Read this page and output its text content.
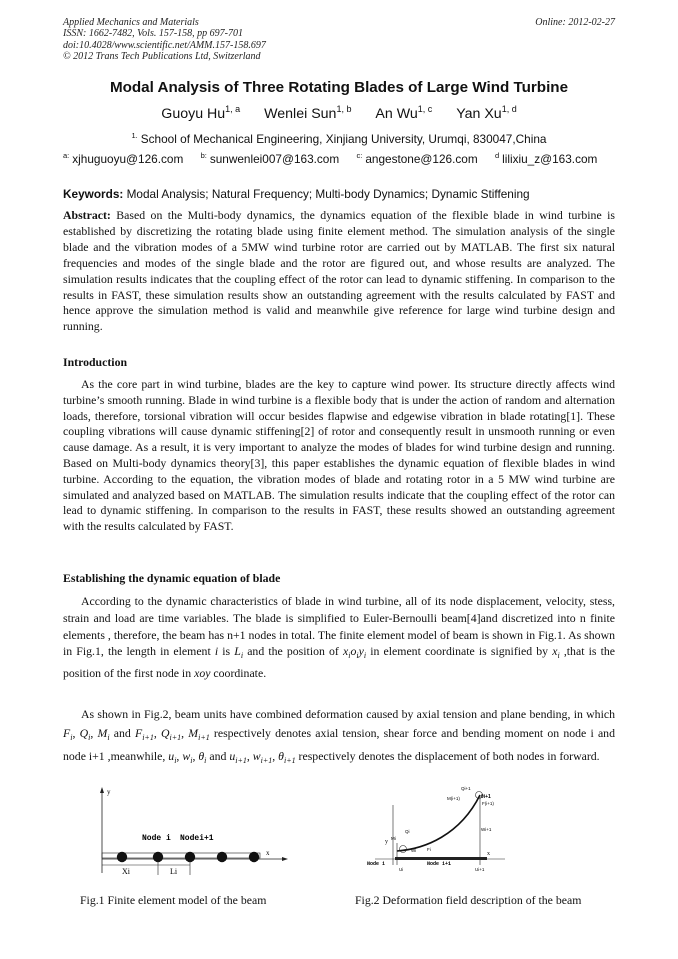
Applied Mechanics and Materials
ISSN: 1662-7482, Vols. 157-158, pp 697-701
doi:10.4028/www.scientific.net/AMM.157-158.697
© 2012 Trans Tech Publications Ltd, Switzerland
Online: 2012-02-27
Modal Analysis of Three Rotating Blades of Large Wind Turbine
Guoyu Hu$^{1, a}$ Wenlei Sun$^{1, b}$ An Wu$^{1, c}$ Yan Xu$^{1, d}$
$^{1.}$ School of Mechanical Engineering, Xinjiang University, Urumqi, 830047,China
$^{a:}$ xjhuguoyu@126.com $^{b:}$ sunwenlei007@163.com $^{c:}$ angestone@126.com $^d$ lilixiu_z@163.com
Keywords: Modal Analysis; Natural Frequency; Multi-body Dynamics; Dynamic Stiffening
Abstract: Based on the Multi-body dynamics, the dynamics equation of the flexible blade in wind turbine is established by discretizing the rotating blade using finite element method. The simulation analysis of the single blade and the vibration modes of a 5MW wind turbine rotor are carried out by MATLAB. The first six natural frequencies and modes of the single blade and the rotor are figured out, and whose results are analyzed. The simulation results indicates that the coupling effect of the rotor can lead to dynamic stiffening. In comparison to the results in FAST, these simulation results show an outstanding agreement with the results calculated by FAST and hence approve the simulation method is valid and meanwhile give reference for large wind turbine design and running.
Introduction
As the core part in wind turbine, blades are the key to capture wind power. Its structure directly affects wind turbine’s smooth running. Blade in wind turbine is a flexible body that is under the action of random and alternation loads, therefore, torsional vibration will occur besides flapwise and edgewise vibration in blade rotating[1]. These coupling vibrations will cause dynamic stiffening[2] of rotor and consequently result in unsmooth running or even cause damage. As a result, it is very important to analyze the modes of blades for wind turbine design and running. Based on Multi-body dynamics theory[3], this paper establishes the dynamic equation of flexible blades in wind turbine. According to the equation, the vibration modes of blade and rotating rotor in a 5 MW wind turbine are simulated and analyzed based on MATLAB. The simulation results indicate that the coupling effect of the rotor can lead to dynamic stiffening. In comparison to the results in FAST, these results showed an outstanding agreement with the results calculated by FAST.
Establishing the dynamic equation of blade
According to the dynamic characteristics of blade in wind turbine, all of its node displacement, velocity, stess, strain and load are time variables. The blade is simplified to Euler-Bernoulli beam[4]and discretized into n finite elements , therefore, the beam has n+1 nodes in total. The finite element model of beam is shown in Fig.1. As shown in Fig.1, the length in element i is $L_i$ and the position of $x_io_iy_i$ in element coordinate is signified by $x_i$ ,that is the position of the first node in xoy coordinate.
As shown in Fig.2, beam units have combined deformation caused by axial tension and plane bending, in which $F_i$, $Q_i$, $M_i$ and $F_{i+1}$, $Q_{i+1}$, $M_{i+1}$ respectively denotes axial tension, shear force and bending moment on node i and node i+1 ,meanwhile, $u_i$, $w_i$, $\theta_i$ and $u_{i+1}$, $w_{i+1}$, $\theta_{i+1}$ respectively denotes the displacement of both nodes in forward.
y
x
Node i Nodei+1
Xi	Li
Qi+1
M(i+1)	θi+1
F(i+1)
Wi+1
Qi
Mi
Fi
Wi
Node i	Node i+1
y
x
Ui	Ui+1
Fig.1 Finite element model of the beam	Fig.2 Deformation field description of the beam
